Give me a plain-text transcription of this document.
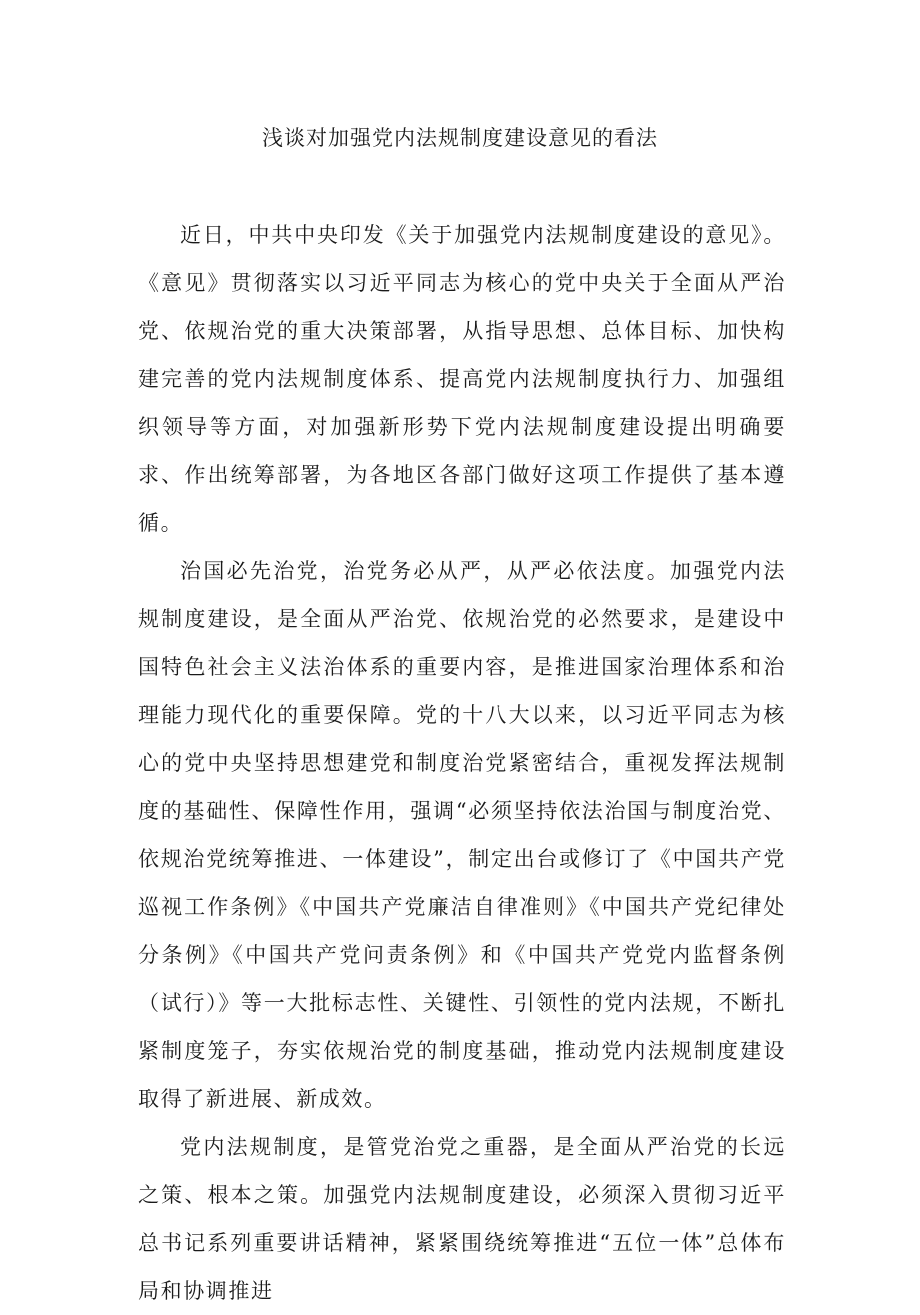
浅谈对加强党内法规制度建设意见的看法

近日，中共中央印发《关于加强党内法规制度建设的意见》。《意见》贯彻落实以习近平同志为核心的党中央关于全面从严治党、依规治党的重大决策部署，从指导思想、总体目标、加快构建完善的党内法规制度体系、提高党内法规制度执行力、加强组织领导等方面，对加强新形势下党内法规制度建设提出明确要求、作出统筹部署，为各地区各部门做好这项工作提供了基本遵循。

治国必先治党，治党务必从严，从严必依法度。加强党内法规制度建设，是全面从严治党、依规治党的必然要求，是建设中国特色社会主义法治体系的重要内容，是推进国家治理体系和治理能力现代化的重要保障。党的十八大以来，以习近平同志为核心的党中央坚持思想建党和制度治党紧密结合，重视发挥法规制度的基础性、保障性作用，强调“必须坚持依法治国与制度治党、依规治党统筹推进、一体建设”，制定出台或修订了《中国共产党巡视工作条例》《中国共产党廉洁自律准则》《中国共产党纪律处分条例》《中国共产党问责条例》和《中国共产党党内监督条例（试行）》等一大批标志性、关键性、引领性的党内法规，不断扎紧制度笼子，夯实依规治党的制度基础，推动党内法规制度建设取得了新进展、新成效。

党内法规制度，是管党治党之重器，是全面从严治党的长远之策、根本之策。加强党内法规制度建设，必须深入贯彻习近平总书记系列重要讲话精神，紧紧围绕统筹推进“五位一体”总体布局和协调推进
